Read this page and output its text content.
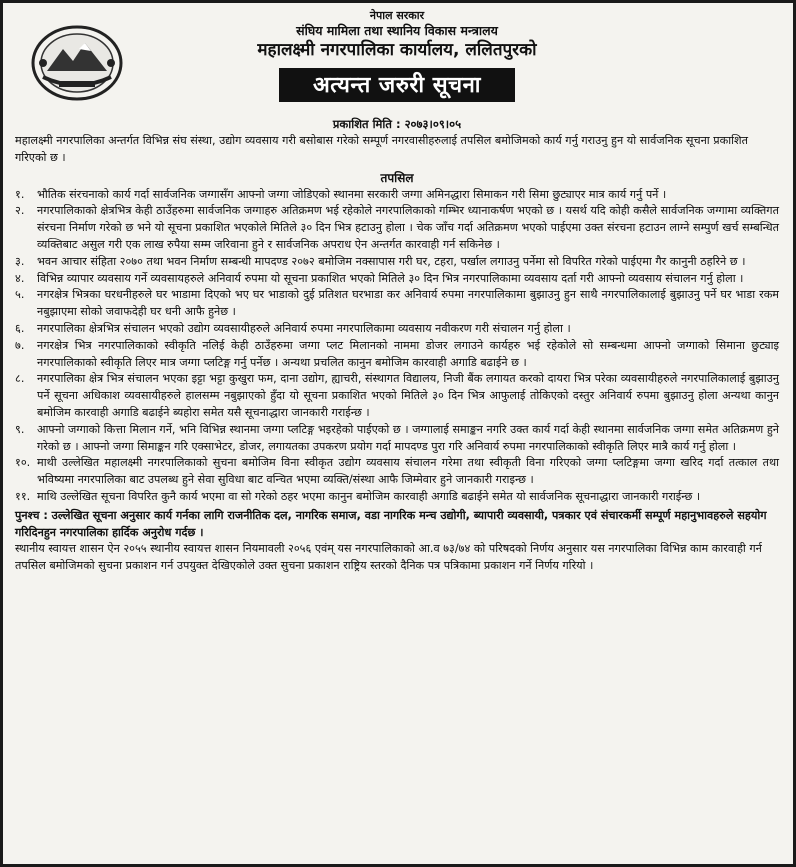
नेपाल सरकार
संघिय मामिला तथा स्थानिय विकास मन्त्रालय
महालक्ष्मी नगरपालिका कार्यालय, ललितपुरको
अत्यन्त जरुरी सूचना
प्रकाशित मिति : २०७३।०९।०५

महालक्ष्मी नगरपालिका अन्तर्गत विभिन्न संघ संस्था, उद्योग व्यवसाय गरी बसोबास गरेको सम्पूर्ण नगरवासीहरुलाई तपसिल बमोजिमको कार्य गर्नु गराउनु हुन यो सार्वजनिक सूचना प्रकाशित गरिएको छ ।

तपसिल
१.	भौतिक संरचनाको कार्य गर्दा सार्वजनिक जग्गासँग आफ्नो जग्गा जोडिएको स्थानमा सरकारी जग्गा अमिनद्धारा सिमाकन गरी सिमा छुट्याएर मात्र कार्य गर्नु पर्ने ।
२.	नगरपालिकाको क्षेत्रभित्र केही ठाउँहरुमा सार्वजनिक जग्गाहरु अतिक्रमण भई रहेकोले नगरपालिकाको गम्भिर ध्यानाकर्षण भएको छ । यसर्थ यदि कोही कसैले सार्वजनिक जग्गामा व्यक्तिगत संरचना निर्माण गरेको छ भने यो सूचना प्रकाशित भएकोले मितिले ३० दिन भित्र हटाउनु होला । चेक जाँच गर्दा अतिक्रमण भएको पाईएमा उक्त संरचना हटाउन लाग्ने सम्पुर्ण खर्च सम्बन्धित व्यक्तिबाट असुल गरी एक लाख रुपैया सम्म जरिवाना हुने र सार्वजनिक अपराध ऐन अन्तर्गत कारवाही गर्न सकिनेछ ।
३.	भवन आचार संहिता २०७० तथा भवन निर्माण सम्बन्धी मापदण्ड २०७२ बमोजिम नक्सापास गरी घर, टहरा, पर्खाल लगाउनु पर्नेमा सो विपरित गरेको पाईएमा गैर कानुनी ठहरिने छ ।
४.	विभिन्न व्यापार व्यवसाय गर्ने व्यवसायहरुले अनिवार्य रुपमा यो सूचना प्रकाशित भएको मितिले ३० दिन भित्र नगरपालिकामा व्यवसाय दर्ता गरी आफ्नो व्यवसाय संचालन गर्नु होला ।
५.	नगरक्षेत्र भित्रका घरधनीहरुले घर भाडामा दिएको भए घर भाडाको दुई प्रतिशत घरभाडा कर अनिवार्य रुपमा नगरपालिकामा बुझाउनु हुन साथै नगरपालिकालाई बुझाउनु पर्ने घर भाडा रकम नबुझाएमा सोको जवाफदेही घर धनी आफै हुनेछ ।
६.	नगरपालिका क्षेत्रभित्र संचालन भएको उद्योग व्यवसायीहरुले अनिवार्य रुपमा नगरपालिकामा व्यवसाय नवीकरण गरी संचालन गर्नु होला ।
७.	नगरक्षेत्र भित्र नगरपालिकाको स्वीकृति नलिई केही ठाउँहरुमा जग्गा प्लट मिलानको नाममा डोजर लगाउने कार्यहरु भई रहेकोले सो सम्बन्धमा आफ्नो जग्गाको सिमाना छुट्याइ नगरपालिकाको स्वीकृति लिएर मात्र जग्गा प्लटिङ्ग गर्नु पर्नेछ । अन्यथा प्रचलित कानुन बमोजिम कारवाही अगाडि बढाईने छ ।
८.	नगरपालिका क्षेत्र भित्र संचालन भएका इट्टा भट्टा कुखुरा फम, दाना उद्योग, ह्याचरी, संस्थागत विद्यालय, निजी बैंक लगायत करको दायरा भित्र परेका व्यवसायीहरुले नगरपालिकालाई बुझाउनु पर्ने सूचना अधिकाश व्यवसायीहरुले हालसम्म नबुझाएको हुँदा यो सूचना प्रकाशित भएको मितिले ३० दिन भित्र आफुलाई तोकिएको दस्तुर अनिवार्य रुपमा बुझाउनु होला अन्यथा कानुन बमोजिम कारवाही अगाडि बढाईने ब्यहोरा समेत यसै सूचनाद्धारा जानकारी गराईन्छ ।
९.	आफ्नो जग्गाको कित्ता मिलान गर्ने, भनि विभिन्न स्थानमा जग्गा प्लटिङ्ग भइरहेको पाईएको छ । जग्गालाई समाङ्कन नगरि उक्त कार्य गर्दा केही स्थानमा सार्वजनिक जग्गा समेत अतिक्रमण हुने गरेको छ । आफ्नो जग्गा सिमाङ्कन गरि एक्साभेटर, डोजर, लगायतका उपकरण प्रयोग गर्दा मापदण्ड पुरा गरि अनिवार्य रुपमा नगरपालिकाको स्वीकृति लिएर मात्रै कार्य गर्नु होला ।
१०. माथी उल्लेखित महालक्ष्मी नगरपालिकाको सुचना बमोजिम विना स्वीकृत उद्योग व्यवसाय संचालन गरेमा तथा स्वीकृती विना गरिएको जग्गा प्लटिङ्गमा जग्गा खरिद गर्दा तत्काल तथा भविष्यमा नगरपालिका बाट उपलब्ध हुने सेवा सुविधा बाट वन्चित भएमा व्यक्ति/संस्था आफै जिम्मेवार हुने जानकारी गराइन्छ ।
११. माथि उल्लेखित सूचना विपरित कुनै कार्य भएमा वा सो गरेको ठहर भएमा कानुन बमोजिम कारवाही अगाडि बढाईने समेत यो सार्वजनिक सूचनाद्धारा जानकारी गराईन्छ ।

पुनश्च : उल्लेखित सूचना अनुसार कार्य गर्नका लागि राजनीतिक दल, नागरिक समाज, वडा नागरिक मन्च उद्योगी, ब्यापारी व्यवसायी, पत्रकार एवं संचारकर्मी सम्पूर्ण महानुभावहरुले सहयोग गरिदिनहुन नगरपालिका हार्दिक अनुरोध गर्दछ ।

स्थानीय स्वायत्त शासन ऐन २०५५ स्थानीय स्वायत्त शासन नियमावली २०५६ एवंम् यस नगरपालिकाको आ.व ७३/७४ को परिषदको निर्णय अनुसार यस नगरपालिका विभिन्न काम कारवाही गर्न तपसिल बमोजिमको सुचना प्रकाशन गर्न उपयुक्त देखिएकोले उक्त सुचना प्रकाशन राष्ट्रिय स्तरको दैनिक पत्र पत्रिकामा प्रकाशन गर्ने निर्णय गरियो ।
